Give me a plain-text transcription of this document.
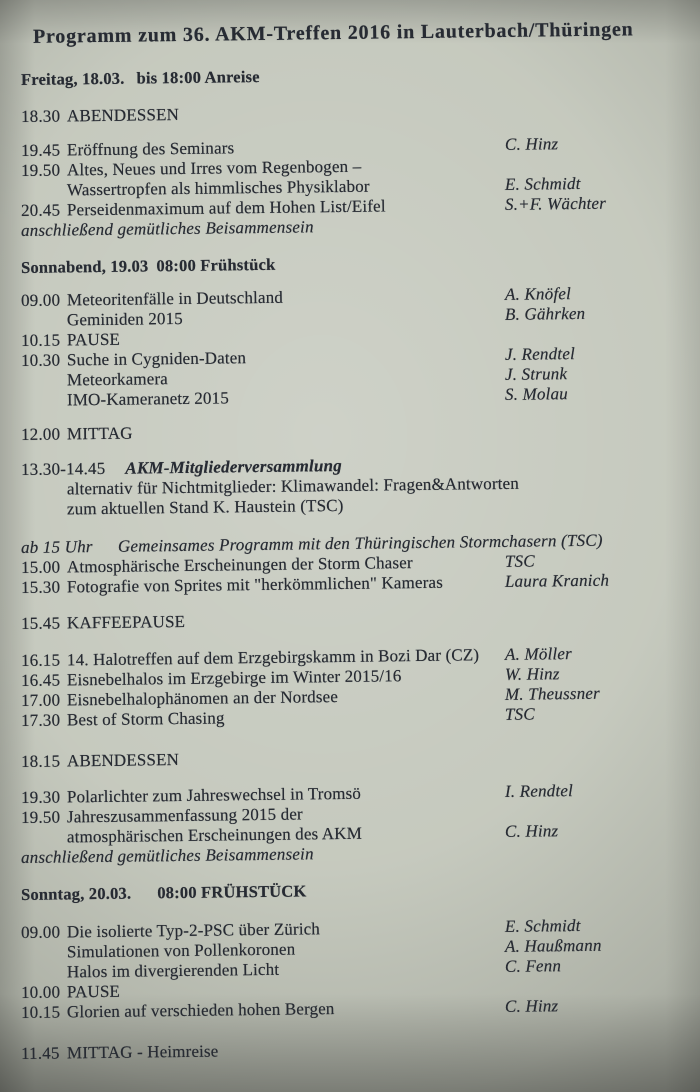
Programm zum 36. AKM-Treffen 2016 in Lauterbach/Thüringen
Freitag, 18.03. bis 18:00 Anreise
18.30 ABENDESSEN
19.45 Eröffnung des Seminars	C. Hinz
19.50 Altes, Neues und Irres vom Regenbogen –
Wassertropfen als himmlisches Physiklabor	E. Schmidt
20.45 Perseidenmaximum auf dem Hohen List/Eifel	S.+F. Wächter
anschließend gemütliches Beisammensein
Sonnabend, 19.03 08:00 Frühstück
09.00 Meteoritenfälle in Deutschland	A. Knöfel
Geminiden 2015	B. Gährken
10.15 PAUSE
10.30 Suche in Cygniden-Daten	J. Rendtel
Meteorkamera	J. Strunk
IMO-Kameranetz 2015	S. Molau
12.00 MITTAG
13.30-14.45 AKM-Mitgliederversammlung
alternativ für Nichtmitglieder: Klimawandel: Fragen&Antworten
zum aktuellen Stand K. Haustein (TSC)
ab 15 Uhr Gemeinsames Programm mit den Thüringischen Stormchasern (TSC)
15.00 Atmosphärische Erscheinungen der Storm Chaser	TSC
15.30 Fotografie von Sprites mit "herkömmlichen" Kameras	Laura Kranich
15.45 KAFFEEPAUSE
16.15 14. Halotreffen auf dem Erzgebirgskamm in Bozi Dar (CZ) A. Möller
16.45 Eisnebelhalos im Erzgebirge im Winter 2015/16	W. Hinz
17.00 Eisnebelhalophänomen an der Nordsee	M. Theussner
17.30 Best of Storm Chasing	TSC
18.15 ABENDESSEN
19.30 Polarlichter zum Jahreswechsel in Tromsö	I. Rendtel
19.50 Jahreszusammenfassung 2015 der
atmosphärischen Erscheinungen des AKM	C. Hinz
anschließend gemütliches Beisammensein
Sonntag, 20.03. 08:00 FRÜHSTÜCK
09.00 Die isolierte Typ-2-PSC über Zürich	E. Schmidt
Simulationen von Pollenkoronen	A. Haußmann
Halos im divergierenden Licht	C. Fenn
10.00 PAUSE
10.15 Glorien auf verschieden hohen Bergen	C. Hinz
11.45 MITTAG - Heimreise
